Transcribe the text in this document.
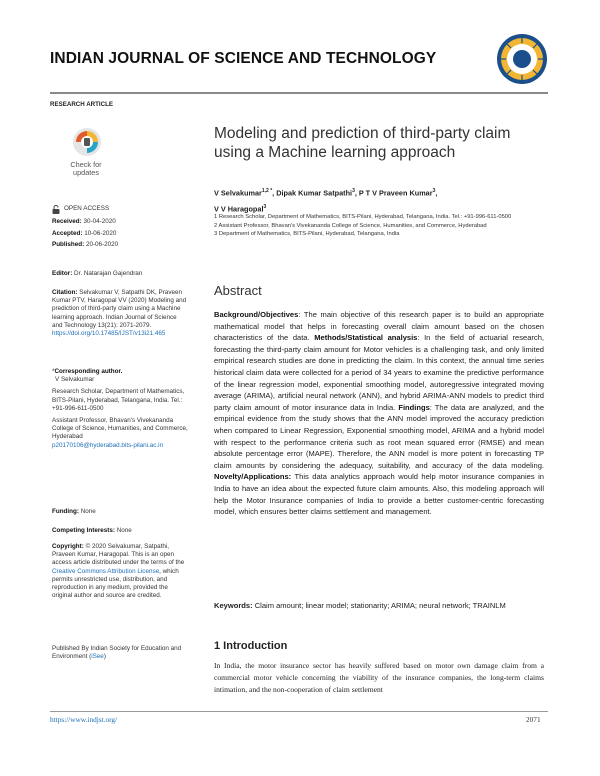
INDIAN JOURNAL OF SCIENCE AND TECHNOLOGY
RESEARCH ARTICLE
Check for
updates
OPEN ACCESS
Received: 30-04-2020
Accepted: 10-06-2020
Published: 20-06-2020
Editor: Dr. Natarajan Gajendran
Citation: Selvakumar V, Satpathi DK, Praveen Kumar PTV, Haragopal VV (2020) Modeling and prediction of third-party claim using a Machine learning approach. Indian Journal of Science and Technology 13(21): 2071-2079. https://doi.org/10.17485/IJST/v13i21.465
*Corresponding author.
V Selvakumar
Research Scholar, Department of Mathematics, BITS-Pilani, Hyderabad, Telangana, India. Tel.: +91-996-611-0500
Assistant Professor, Bhavan's Vivekananda College of Science, Humanities, and Commerce, Hyderabad
p20170106@hyderabad.bits-pilani.ac.in
Funding: None
Competing Interests: None
Copyright: © 2020 Selvakumar, Satpathi, Praveen Kumar, Haragopal. This is an open access article distributed under the terms of the Creative Commons Attribution License, which permits unrestricted use, distribution, and reproduction in any medium, provided the original author and source are credited.
Published By Indian Society for Education and Environment (iSee)
Modeling and prediction of third-party claim using a Machine learning approach
V Selvakumar$^{1,2 *}$, Dipak Kumar Satpathi$^3$, P T V Praveen Kumar$^3$,
V V Haragopal$^3$

1 Research Scholar, Department of Mathematics, BITS-Pilani, Hyderabad, Telangana, India. Tel.: +91-996-611-0500

2 Assistant Professor, Bhavan's Vivekananda College of Science, Humanities, and Commerce, Hyderabad

3 Department of Mathematics, BITS-Pilani, Hyderabad, Telangana, India

Abstract
Background/Objectives: The main objective of this research paper is to build an appropriate mathematical model that helps in forecasting overall claim amount based on the chosen characteristics of the data. Methods/Statistical analysis: In the field of actuarial research, forecasting the third-party claim amount for Motor vehicles is a challenging task, and only limited empirical research studies are done in predicting the claim. In this context, the annual time series historical claim data were collected for a period of 34 years to examine the predictive performance of the linear regression model, exponential smoothing model, autoregressive integrated moving average (ARIMA), artificial neural network (ANN), and hybrid ARIMA-ANN models to predict third party claim amount of motor insurance data in India. Findings: The data are analyzed, and the empirical evidence from the study shows that the ANN model improved the accuracy prediction when compared to Linear Regression, Exponential smoothing model, ARIMA and a hybrid model with respect to the performance criteria such as root mean squared error (RMSE) and mean absolute percentage error (MAPE). Therefore, the ANN model is more potent in forecasting TP claim amounts by considering the adequacy, suitability, and accuracy of the data modeling. Novelty/Applications: This data analytics approach would help motor insurance companies in India to have an idea about the expected future claim amounts. Also, this modeling approach will help the Motor Insurance companies of India to provide a better customer-centric forecasting model, which ensures better claims settlement and management.
Keywords: Claim amount; linear model; stationarity; ARIMA; neural network; TRAINLM
1 Introduction
In India, the motor insurance sector has heavily suffered based on motor own damage claim from a commercial motor vehicle concerning the viability of the insurance companies, the long-term claims intimation, and the non-cooperation of claim settlement
https://www.indjst.org/	2071
